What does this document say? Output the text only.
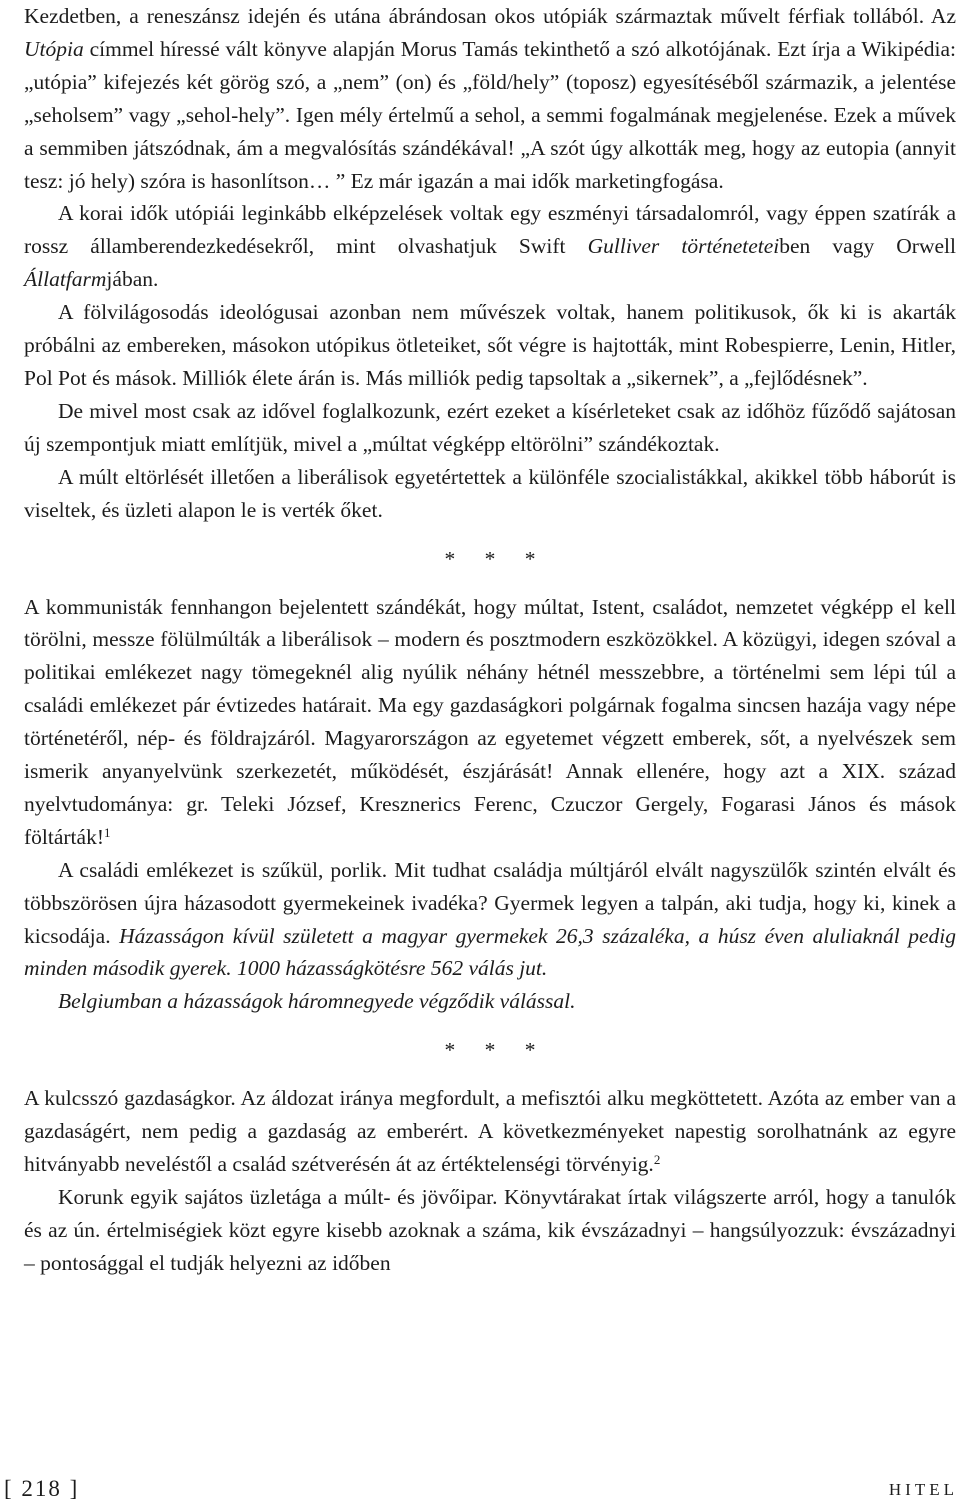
Kezdetben, a reneszánsz idején és utána ábrándosan okos utópiák származtak művelt férfiak tollából. Az Utópia címmel híressé vált könyve alapján Morus Tamás tekinthető a szó alkotójának. Ezt írja a Wikipédia: „utópia” kifejezés két görög szó, a „nem” (on) és „föld/hely” (toposz) egyesítéséből származik, a jelentése „seholsem” vagy „sehol-hely”. Igen mély értelmű a sehol, a semmi fogalmának megjelenése. Ezek a művek a semmiben játszódnak, ám a megvalósítás szándékával! „A szót úgy alkották meg, hogy az eutopia (annyit tesz: jó hely) szóra is hasonlítson… ” Ez már igazán a mai idők marketingfogása.

A korai idők utópiái leginkább elképzelések voltak egy eszményi társadalomról, vagy éppen szatírák a rossz államberendezkedésekről, mint olvashatjuk Swift Gulliver történeteteiben vagy Orwell Állatfarmjában.

A fölvilágosodás ideológusai azonban nem művészek voltak, hanem politikusok, ők ki is akarták próbálni az embereken, másokon utópikus ötleteiket, sőt végre is hajtották, mint Robespierre, Lenin, Hitler, Pol Pot és mások. Milliók élete árán is. Más milliók pedig tapsoltak a „sikernek”, a „fejlődésnek”.

De mivel most csak az idővel foglalkozunk, ezért ezeket a kísérleteket csak az időhöz fűződő sajátosan új szempontjuk miatt említjük, mivel a „múltat végképp eltörölni” szándékoztak.

A múlt eltörlését illetően a liberálisok egyetértettek a különféle szocialistákkal, akikkel több háborút is viseltek, és üzleti alapon le is verték őket.

* * *

A kommunisták fennhangon bejelentett szándékát, hogy múltat, Istent, családot, nemzetet végképp el kell törölni, messze fölülmúlták a liberálisok – modern és posztmodern eszközökkel. A közügyi, idegen szóval a politikai emlékezet nagy tömegeknél alig nyúlik néhány hétnél messzebbre, a történelmi sem lépi túl a családi emlékezet pár évtizedes határait. Ma egy gazdaságkori polgárnak fogalma sincsen hazája vagy népe történetéről, nép- és földrajzáról. Magyarországon az egyetemet végzett emberek, sőt, a nyelvészek sem ismerik anyanyelvünk szerkezetét, működését, észjárását! Annak ellenére, hogy azt a XIX. század nyelvtudománya: gr. Teleki József, Kresznerics Ferenc, Czuczor Gergely, Fogarasi János és mások föltárták!$^1$

A családi emlékezet is szűkül, porlik. Mit tudhat családja múltjáról elvált nagyszülők szintén elvált és többszörösen újra házasodott gyermekeinek ivadéka? Gyermek legyen a talpán, aki tudja, hogy ki, kinek a kicsodája. Házasságon kívül született a magyar gyermekek 26,3 százaléka, a húsz éven aluliaknál pedig minden második gyerek. 1000 házasságkötésre 562 válás jut.

Belgiumban a házasságok háromnegyede végződik válással.

* * *

A kulcsszó gazdaságkor. Az áldozat iránya megfordult, a mefisztói alku megköttetett. Azóta az ember van a gazdaságért, nem pedig a gazdaság az emberért. A következményeket napestig sorolhatnánk az egyre hitványabb neveléstől a család szétverésén át az értéktelenségi törvényig.$^2$

Korunk egyik sajátos üzletága a múlt- és jövőipar. Könyvtárakat írtak világszerte arról, hogy a tanulók és az ún. értelmiségiek közt egyre kisebb azoknak a száma, kik évszázadnyi – hangsúlyozzuk: évszázadnyi – pontosággal el tudják helyezni az időben

[ 218 ]	HITEL
